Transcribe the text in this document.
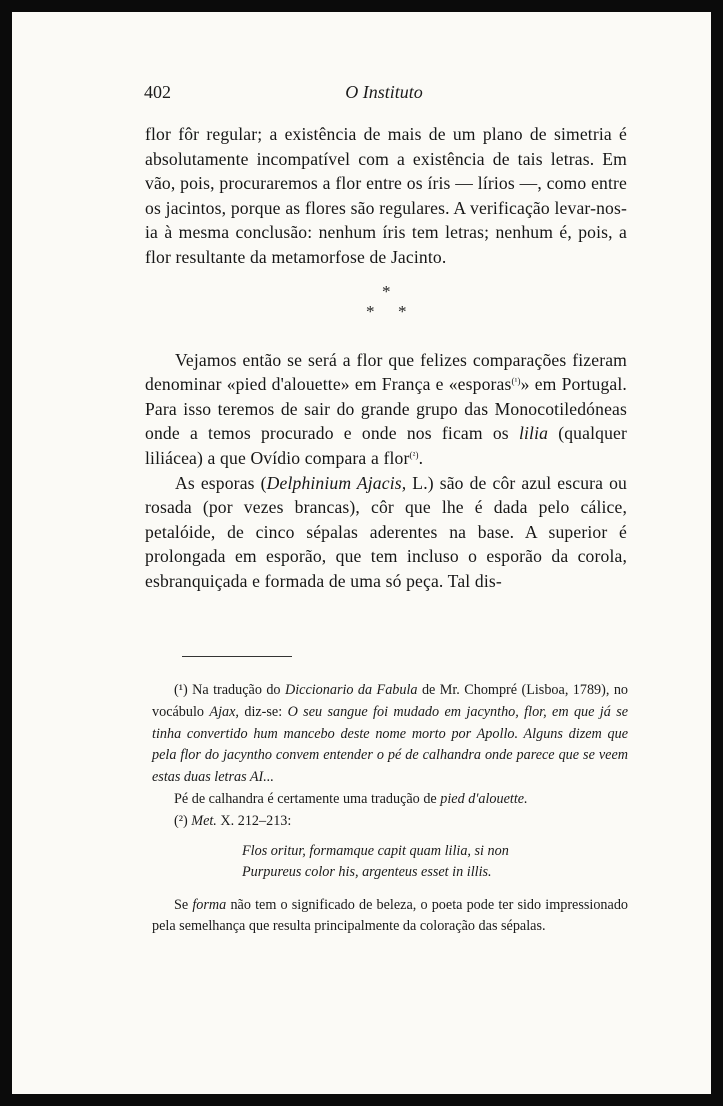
402	O Instituto

flor fôr regular; a existência de mais de um plano de simetria é absolutamente incompatível com a existência de tais letras. Em vão, pois, procuraremos a flor entre os íris — lírios —, como entre os jacintos, porque as flores são regulares. A verificação levar-nos-ia à mesma conclusão: nenhum íris tem letras; nenhum é, pois, a flor resultante da metamorfose de Jacinto.

*
* *

Vejamos então se será a flor que felizes comparações fizeram denominar «pied d'alouette» em França e «esporas$^{(^1)}$» em Portugal. Para isso teremos de sair do grande grupo das Monocotiledóneas onde a temos procurado e onde nos ficam os lilia (qualquer liliácea) a que Ovídio compara a flor$^{(^2)}$.

As esporas (Delphinium Ajacis, L.) são de côr azul escura ou rosada (por vezes brancas), côr que lhe é dada pelo cálice, petalóide, de cinco sépalas aderentes na base. A superior é prolongada em esporão, que tem incluso o esporão da corola, esbranquiçada e formada de uma só peça. Tal dis-

(¹) Na tradução do Diccionario da Fabula de Mr. Chompré (Lisboa, 1789), no vocábulo Ajax, diz-se: O seu sangue foi mudado em jacyntho, flor, em que já se tinha convertido hum mancebo deste nome morto por Apollo. Alguns dizem que pela flor do jacyntho convem entender o pé de calhandra onde parece que se veem estas duas letras AI...

Pé de calhandra é certamente uma tradução de pied d'alouette.

(²) Met. X. 212–213:

Flos oritur, formamque capit quam lilia, si non
Purpureus color his, argenteus esset in illis.

Se forma não tem o significado de beleza, o poeta pode ter sido impressionado pela semelhança que resulta principalmente da coloração das sépalas.
